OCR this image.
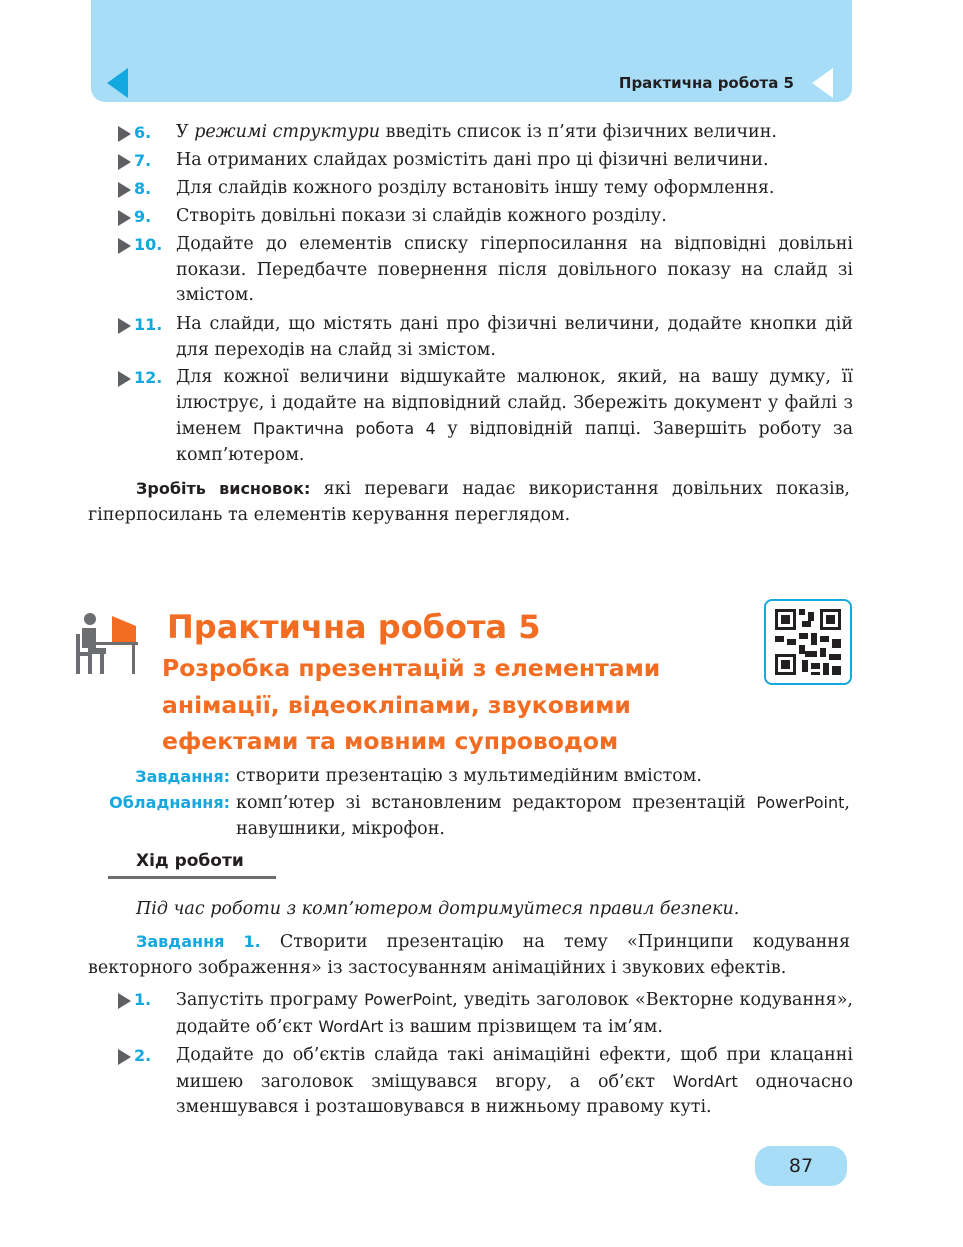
Практична робота 5
6. У режимі структури введіть список із п’яти фізичних величин.
7. На отриманих слайдах розмістіть дані про ці фізичні величини.
8. Для слайдів кожного розділу встановіть іншу тему оформлення.
9. Створіть довільні покази зі слайдів кожного розділу.
10. Додайте до елементів списку гіперпосилання на відповідні довільні покази. Передбачте повернення після довільного показу на слайд зі змістом.
11. На слайди, що містять дані про фізичні величини, додайте кнопки дій для переходів на слайд зі змістом.
12. Для кожної величини відшукайте малюнок, який, на вашу думку, її ілюструє, і додайте на відповідний слайд. Збережіть документ у файлі з іменем Практична робота 4 у відповідній папці. Завершіть роботу за комп’ютером.
Зробіть висновок: які переваги надає використання довільних показів, гіперпосилань та елементів керування переглядом.
Практична робота 5
Розробка презентацій з елементами анімації, відеокліпами, звуковими ефектами та мовним супроводом
Завдання: створити презентацію з мультимедійним вмістом.
Обладнання: комп’ютер зі встановленим редактором презентацій PowerPoint, навушники, мікрофон.
Хід роботи
Під час роботи з комп’ютером дотримуйтеся правил безпеки.
Завдання 1. Створити презентацію на тему «Принципи кодування векторного зображення» із застосуванням анімаційних і звукових ефектів.
1. Запустіть програму PowerPoint, уведіть заголовок «Векторне кодування», додайте об’єкт WordArt із вашим прізвищем та ім’ям.
2. Додайте до об’єктів слайда такі анімаційні ефекти, щоб при клацанні мишею заголовок зміщувався вгору, а об’єкт WordArt одночасно зменшувався і розташовувався в нижньому правому куті.
87
